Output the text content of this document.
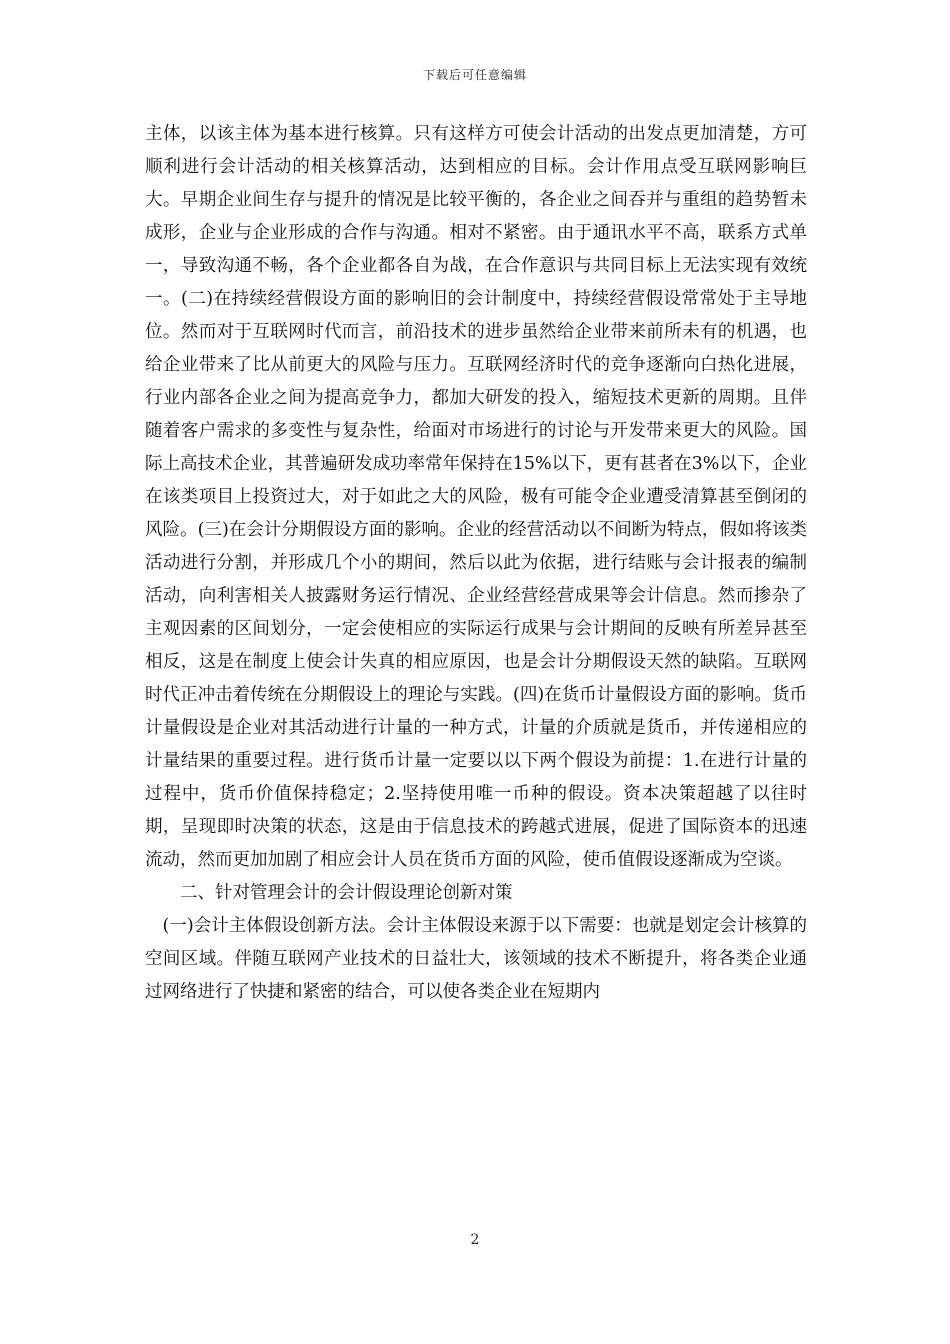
下载后可任意编辑

主体，以该主体为基本进行核算。只有这样方可使会计活动的出发点更加清楚，方可顺利进行会计活动的相关核算活动，达到相应的目标。会计作用点受互联网影响巨大。早期企业间生存与提升的情况是比较平衡的，各企业之间吞并与重组的趋势暂未成形，企业与企业形成的合作与沟通。相对不紧密。由于通讯水平不高，联系方式单一，导致沟通不畅，各个企业都各自为战，在合作意识与共同目标上无法实现有效统一。(二)在持续经营假设方面的影响旧的会计制度中，持续经营假设常常处于主导地位。然而对于互联网时代而言，前沿技术的进步虽然给企业带来前所未有的机遇，也给企业带来了比从前更大的风险与压力。互联网经济时代的竞争逐渐向白热化进展，行业内部各企业之间为提高竞争力，都加大研发的投入，缩短技术更新的周期。且伴随着客户需求的多变性与复杂性，给面对市场进行的讨论与开发带来更大的风险。国际上高技术企业，其普遍研发成功率常年保持在15%以下，更有甚者在3%以下，企业在该类项目上投资过大，对于如此之大的风险，极有可能令企业遭受清算甚至倒闭的风险。(三)在会计分期假设方面的影响。企业的经营活动以不间断为特点，假如将该类活动进行分割，并形成几个小的期间，然后以此为依据，进行结账与会计报表的编制活动，向利害相关人披露财务运行情况、企业经营经营成果等会计信息。然而掺杂了主观因素的区间划分，一定会使相应的实际运行成果与会计期间的反映有所差异甚至相反，这是在制度上使会计失真的相应原因，也是会计分期假设天然的缺陷。互联网时代正冲击着传统在分期假设上的理论与实践。(四)在货币计量假设方面的影响。货币计量假设是企业对其活动进行计量的一种方式，计量的介质就是货币，并传递相应的计量结果的重要过程。进行货币计量一定要以以下两个假设为前提：1.在进行计量的过程中，货币价值保持稳定；2.坚持使用唯一币种的假设。资本决策超越了以往时期，呈现即时决策的状态，这是由于信息技术的跨越式进展，促进了国际资本的迅速流动，然而更加加剧了相应会计人员在货币方面的风险，使币值假设逐渐成为空谈。

二、针对管理会计的会计假设理论创新对策

(一)会计主体假设创新方法。会计主体假设来源于以下需要：也就是划定会计核算的空间区域。伴随互联网产业技术的日益壮大，该领域的技术不断提升，将各类企业通过网络进行了快捷和紧密的结合，可以使各类企业在短期内

2
